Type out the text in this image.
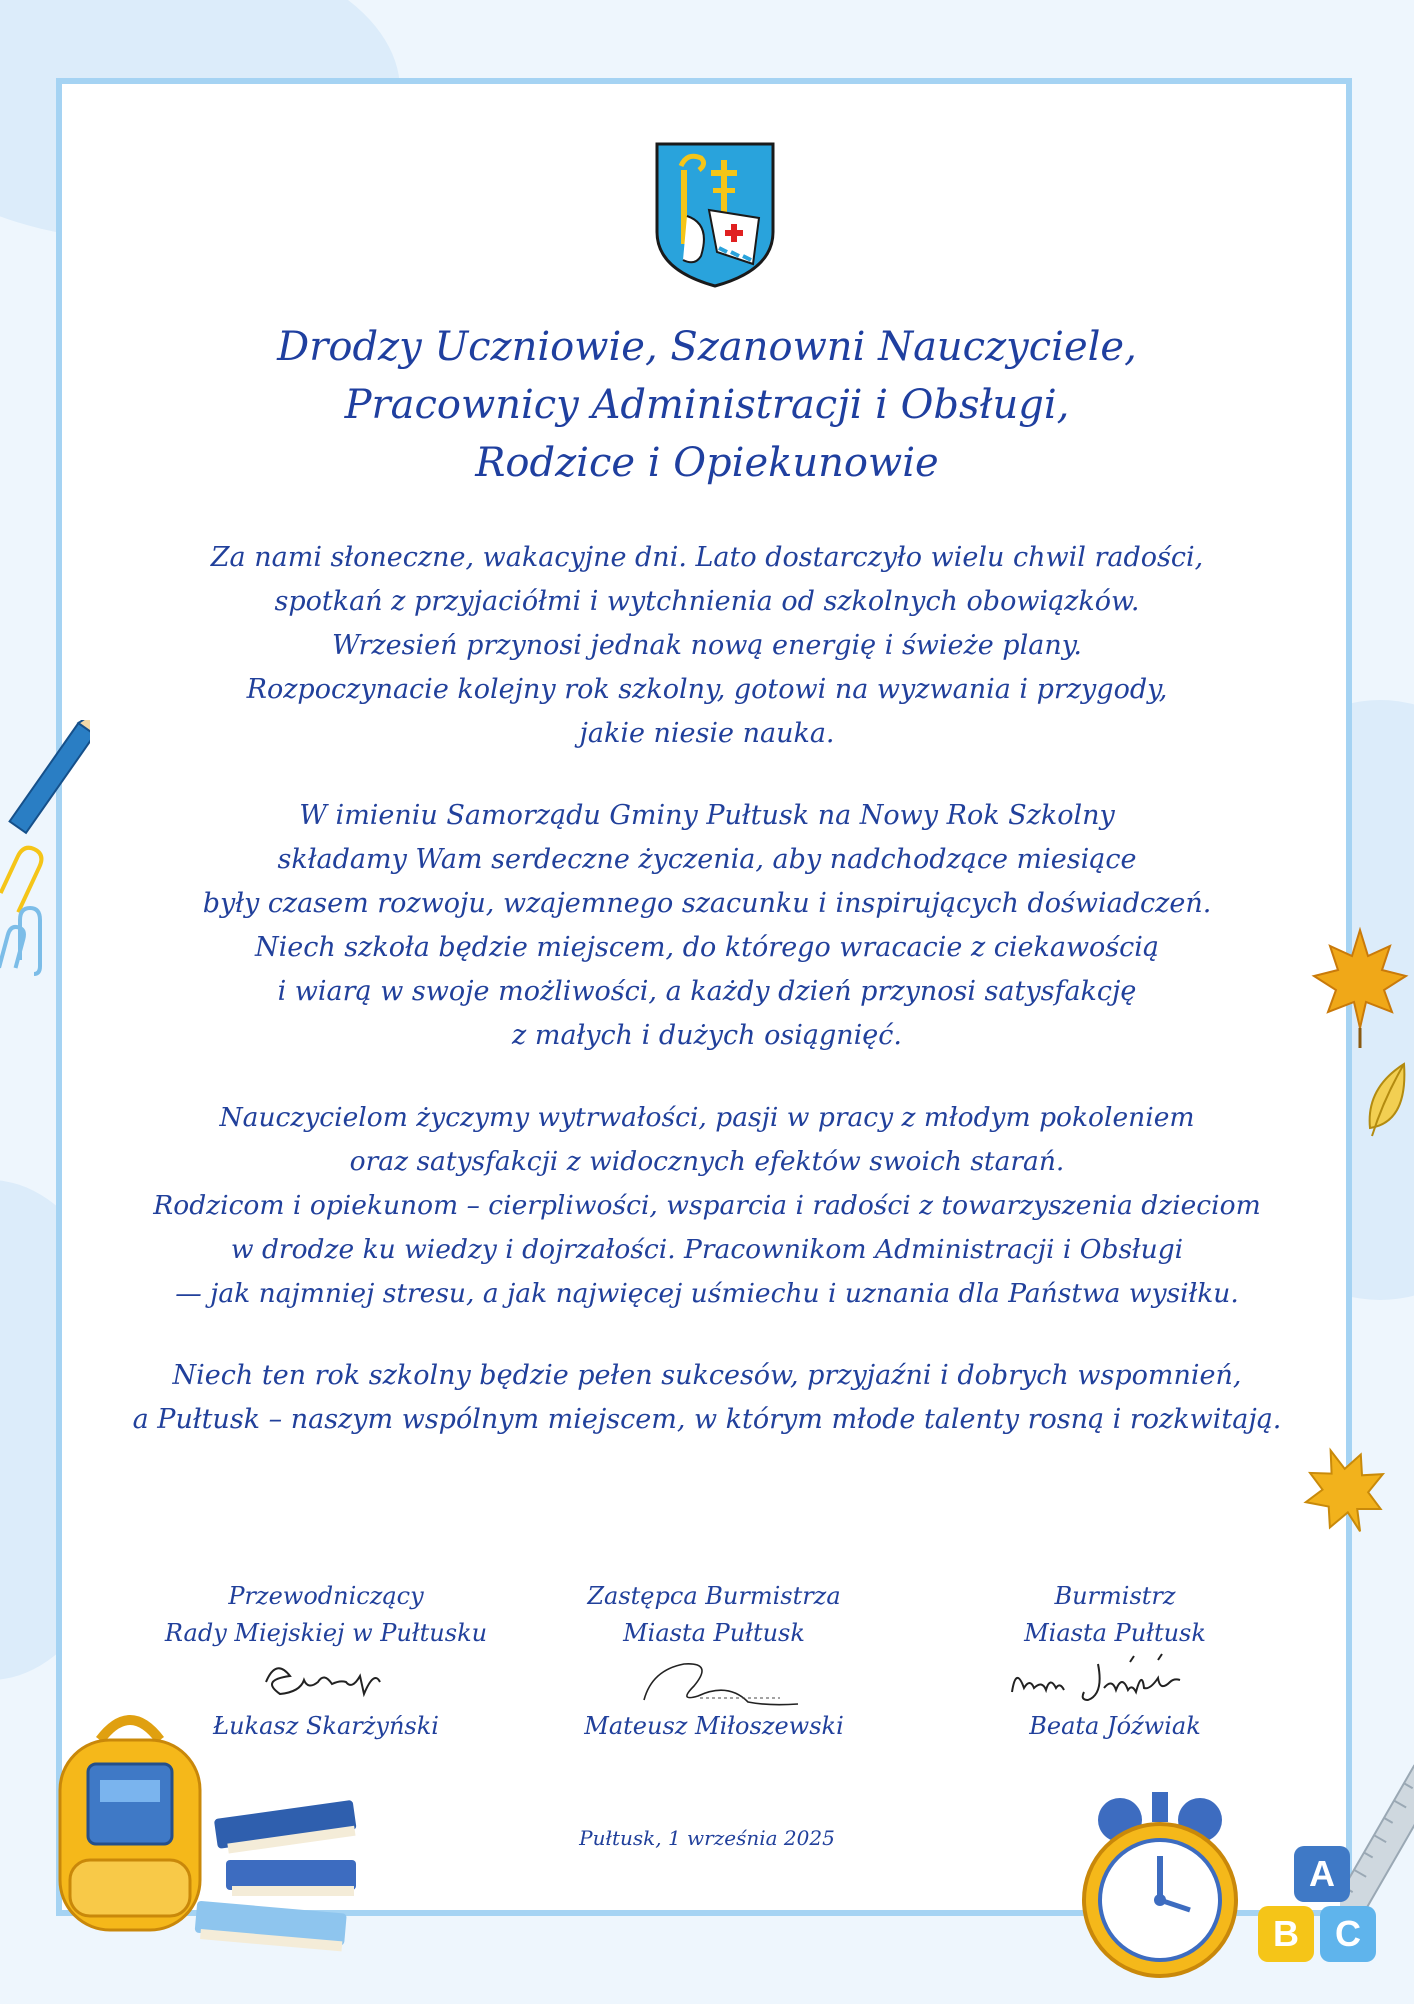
Drodzy Uczniowie, Szanowni Nauczyciele,
Pracownicy Administracji i Obsługi,
Rodzice i Opiekunowie

Za nami słoneczne, wakacyjne dni. Lato dostarczyło wielu chwil radości,
spotkań z przyjaciółmi i wytchnienia od szkolnych obowiązków.
Wrzesień przynosi jednak nową energię i świeże plany.
Rozpoczynacie kolejny rok szkolny, gotowi na wyzwania i przygody,
jakie niesie nauka.

W imieniu Samorządu Gminy Pułtusk na Nowy Rok Szkolny
składamy Wam serdeczne życzenia, aby nadchodzące miesiące
były czasem rozwoju, wzajemnego szacunku i inspirujących doświadczeń.
Niech szkoła będzie miejscem, do którego wracacie z ciekawością
i wiarą w swoje możliwości, a każdy dzień przynosi satysfakcję
z małych i dużych osiągnięć.

Nauczycielom życzymy wytrwałości, pasji w pracy z młodym pokoleniem
oraz satysfakcji z widocznych efektów swoich starań.
Rodzicom i opiekunom – cierpliwości, wsparcia i radości z towarzyszenia dzieciom
w drodze ku wiedzy i dojrzałości. Pracownikom Administracji i Obsługi
— jak najmniej stresu, a jak najwięcej uśmiechu i uznania dla Państwa wysiłku.

Niech ten rok szkolny będzie pełen sukcesów, przyjaźni i dobrych wspomnień,
a Pułtusk – naszym wspólnym miejscem, w którym młode talenty rosną i rozkwitają.

Przewodniczący
Rady Miejskiej w Pułtusku
Łukasz Skarżyński
Zastępca Burmistrza
Miasta Pułtusk
Mateusz Miłoszewski
Burmistrz
Miasta Pułtusk
Beata Jóźwiak
Pułtusk, 1 września 2025
A
B	C
